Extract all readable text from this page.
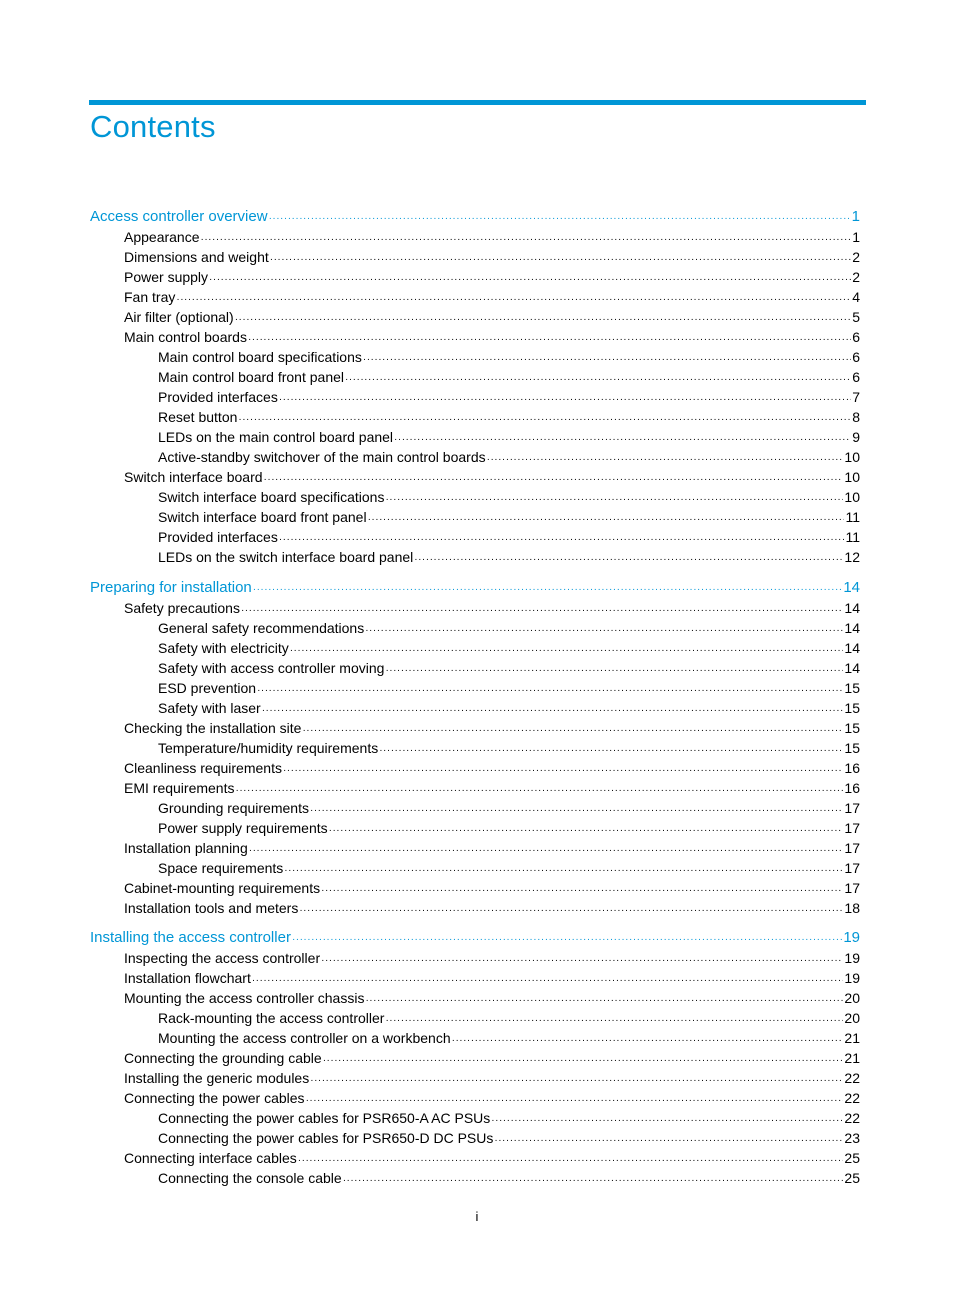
Contents
Access controller overview ·····	1
Appearance ·····	1
Dimensions and weight ·····	2
Power supply ·····	2
Fan tray ·····	4
Air filter (optional) ·····	5
Main control boards ·····	6
Main control board specifications ·····	6
Main control board front panel ·····	6
Provided interfaces ·····	7
Reset button ·····	8
LEDs on the main control board panel ·····	9
Active-standby switchover of the main control boards ·····	10
Switch interface board ·····	10
Switch interface board specifications ·····	10
Switch interface board front panel ·····	11
Provided interfaces ·····	11
LEDs on the switch interface board panel ·····	12
Preparing for installation ·····	14
Safety precautions ·····	14
General safety recommendations ·····	14
Safety with electricity ·····	14
Safety with access controller moving ·····	14
ESD prevention ·····	15
Safety with laser ·····	15
Checking the installation site ·····	15
Temperature/humidity requirements ·····	15
Cleanliness requirements ·····	16
EMI requirements ·····	16
Grounding requirements ·····	17
Power supply requirements ·····	17
Installation planning ·····	17
Space requirements ·····	17
Cabinet-mounting requirements ·····	17
Installation tools and meters ·····	18
Installing the access controller ·····	19
Inspecting the access controller ·····	19
Installation flowchart ·····	19
Mounting the access controller chassis ·····	20
Rack-mounting the access controller ·····	20
Mounting the access controller on a workbench ·····	21
Connecting the grounding cable ·····	21
Installing the generic modules ·····	22
Connecting the power cables ·····	22
Connecting the power cables for PSR650-A AC PSUs ·····	22
Connecting the power cables for PSR650-D DC PSUs ·····	23
Connecting interface cables ·····	25
Connecting the console cable ·····	25
i
